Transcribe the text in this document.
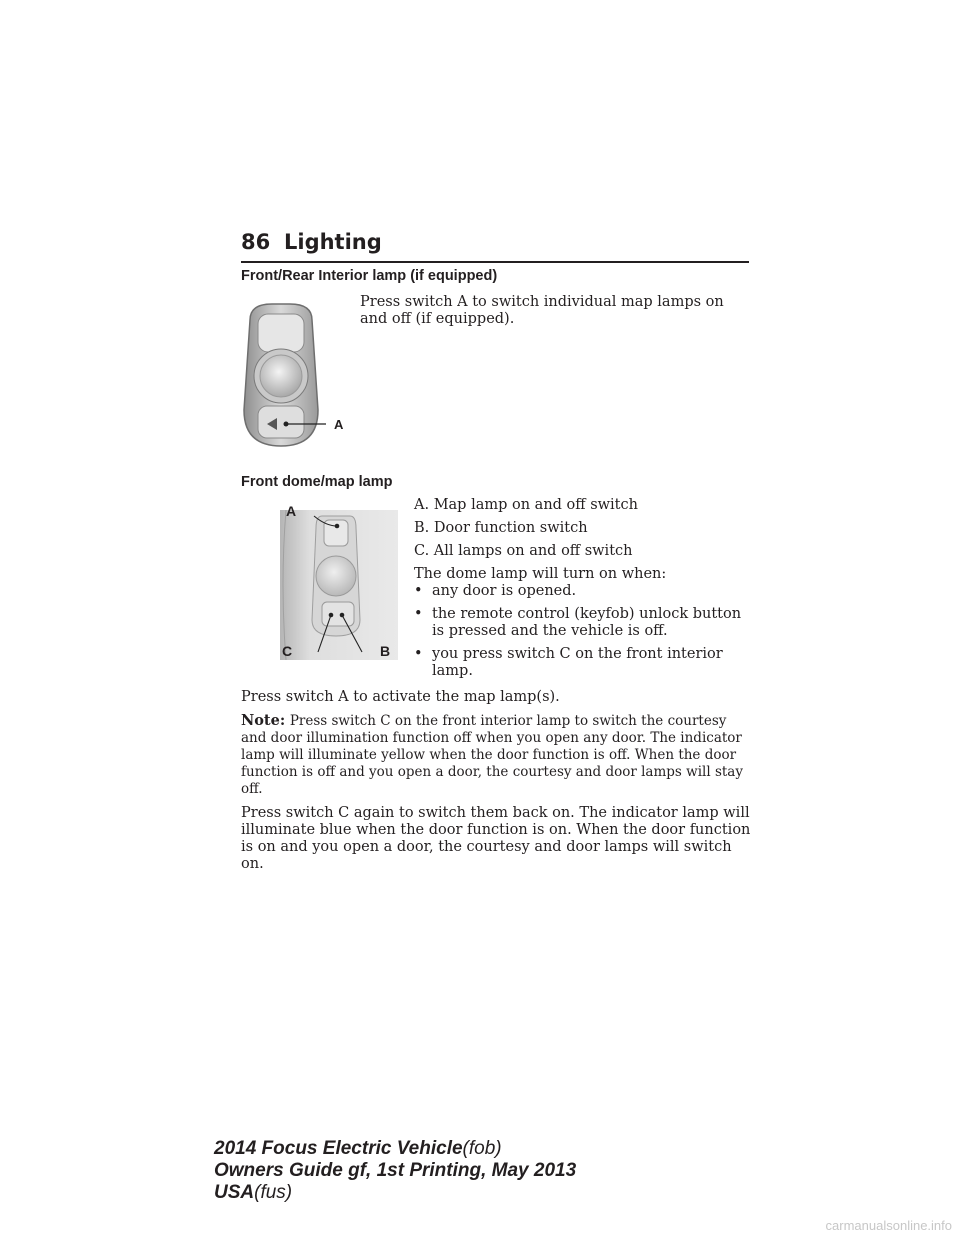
86 Lighting
Front/Rear Interior lamp (if equipped)
A

Press switch A to switch individual map lamps on and off (if equipped).

Front dome/map lamp
A
C	B

A. Map lamp on and off switch

B. Door function switch

C. All lamps on and off switch

The dome lamp will turn on when:

• any door is opened.
• the remote control (keyfob) unlock button is pressed and the vehicle is off.
• you press switch C on the front interior lamp.

Press switch A to activate the map lamp(s).

Note: Press switch C on the front interior lamp to switch the courtesy and door illumination function off when you open any door. The indicator lamp will illuminate yellow when the door function is off. When the door function is off and you open a door, the courtesy and door lamps will stay off.

Press switch C again to switch them back on. The indicator lamp will illuminate blue when the door function is on. When the door function is on and you open a door, the courtesy and door lamps will switch on.

2014 Focus Electric Vehicle(fob)
Owners Guide gf, 1st Printing, May 2013
USA(fus)
carmanualsonline.info
